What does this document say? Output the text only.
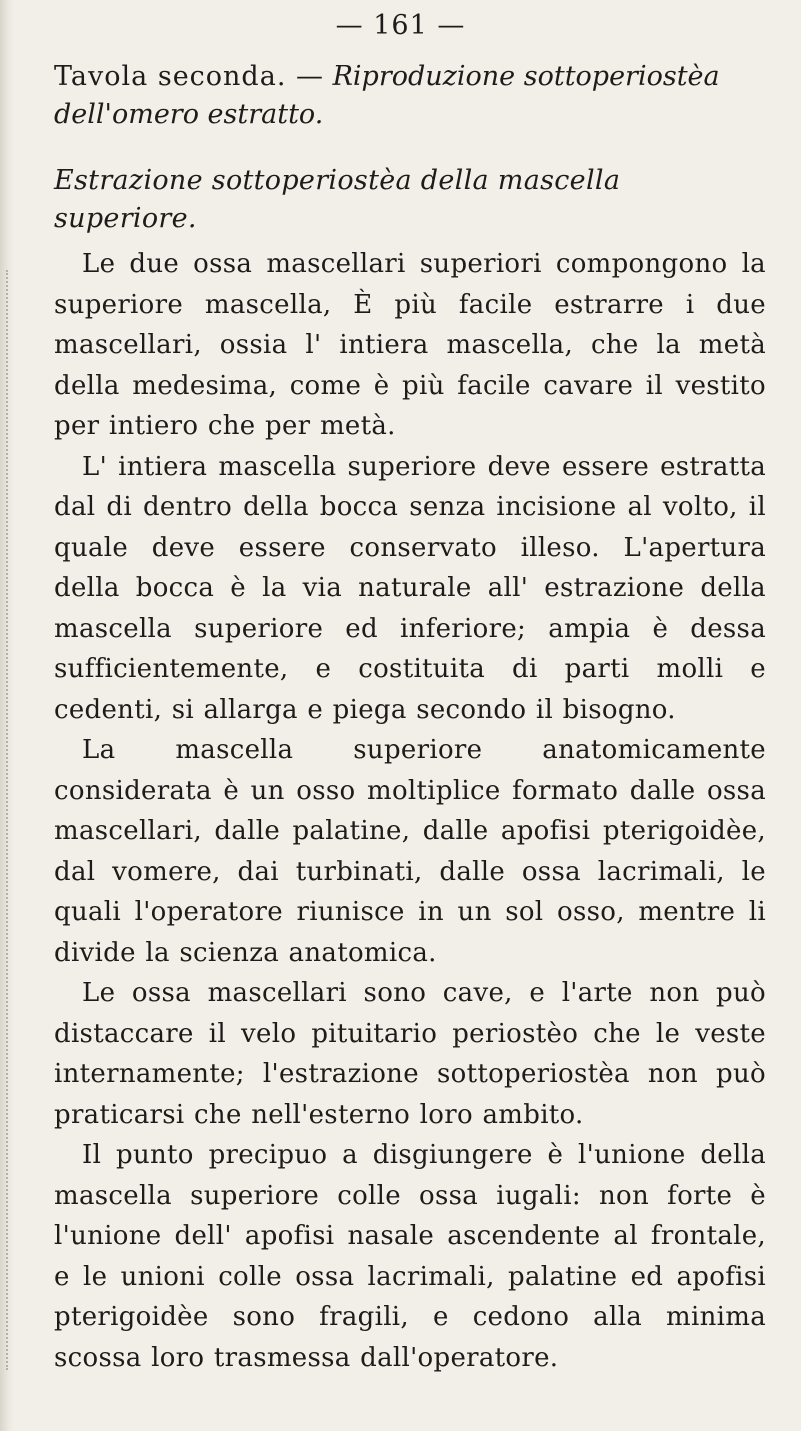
— 161 —
Tavola seconda. — Riproduzione sottoperiostèa dell'omero estratto.
Estrazione sottoperiostèa della mascella superiore.

Le due ossa mascellari superiori compongono la superiore mascella, È più facile estrarre i due mascellari, ossia l' intiera mascella, che la metà della medesima, come è più facile cavare il vestito per intiero che per metà.

L' intiera mascella superiore deve essere estratta dal di dentro della bocca senza incisione al volto, il quale deve essere conservato illeso. L'apertura della bocca è la via naturale all' estrazione della mascella superiore ed inferiore; ampia è dessa sufficientemente, e costituita di parti molli e cedenti, si allarga e piega secondo il bisogno.

La mascella superiore anatomicamente considerata è un osso moltiplice formato dalle ossa mascellari, dalle palatine, dalle apofisi pterigoidèe, dal vomere, dai turbinati, dalle ossa lacrimali, le quali l'operatore riunisce in un sol osso, mentre li divide la scienza anatomica.

Le ossa mascellari sono cave, e l'arte non può distaccare il velo pituitario periostèo che le veste internamente; l'estrazione sottoperiostèa non può praticarsi che nell'esterno loro ambito.

Il punto precipuo a disgiungere è l'unione della mascella superiore colle ossa iugali: non forte è l'unione dell' apofisi nasale ascendente al frontale, e le unioni colle ossa lacrimali, palatine ed apofisi pterigoidèe sono fragili, e cedono alla minima scossa loro trasmessa dall'operatore.
